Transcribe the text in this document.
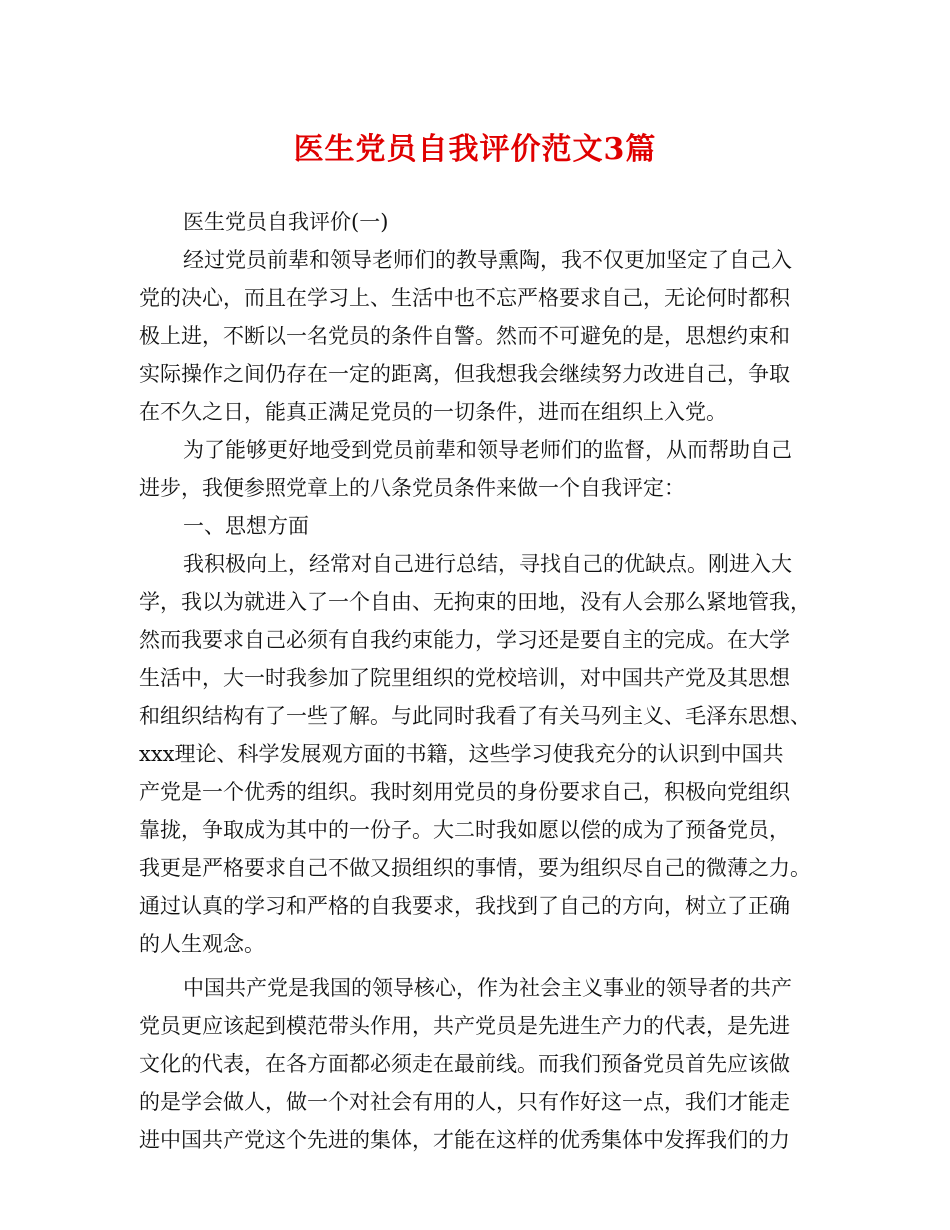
医生党员自我评价范文3篇
医生党员自我评价(一)
经过党员前辈和领导老师们的教导熏陶，我不仅更加坚定了自己入
党的决心，而且在学习上、生活中也不忘严格要求自己，无论何时都积
极上进，不断以一名党员的条件自警。然而不可避免的是，思想约束和
实际操作之间仍存在一定的距离，但我想我会继续努力改进自己，争取
在不久之日，能真正满足党员的一切条件，进而在组织上入党。
为了能够更好地受到党员前辈和领导老师们的监督，从而帮助自己
进步，我便参照党章上的八条党员条件来做一个自我评定：
一、思想方面
我积极向上，经常对自己进行总结，寻找自己的优缺点。刚进入大
学，我以为就进入了一个自由、无拘束的田地，没有人会那么紧地管我，
然而我要求自己必须有自我约束能力，学习还是要自主的完成。在大学
生活中，大一时我参加了院里组织的党校培训，对中国共产党及其思想
和组织结构有了一些了解。与此同时我看了有关马列主义、毛泽东思想、
xxx理论、科学发展观方面的书籍，这些学习使我充分的认识到中国共
产党是一个优秀的组织。我时刻用党员的身份要求自己，积极向党组织
靠拢，争取成为其中的一份子。大二时我如愿以偿的成为了预备党员，
我更是严格要求自己不做又损组织的事情，要为组织尽自己的微薄之力。
通过认真的学习和严格的自我要求，我找到了自己的方向，树立了正确
的人生观念。
中国共产党是我国的领导核心，作为社会主义事业的领导者的共产
党员更应该起到模范带头作用，共产党员是先进生产力的代表，是先进
文化的代表，在各方面都必须走在最前线。而我们预备党员首先应该做
的是学会做人，做一个对社会有用的人，只有作好这一点，我们才能走
进中国共产党这个先进的集体，才能在这样的优秀集体中发挥我们的力
